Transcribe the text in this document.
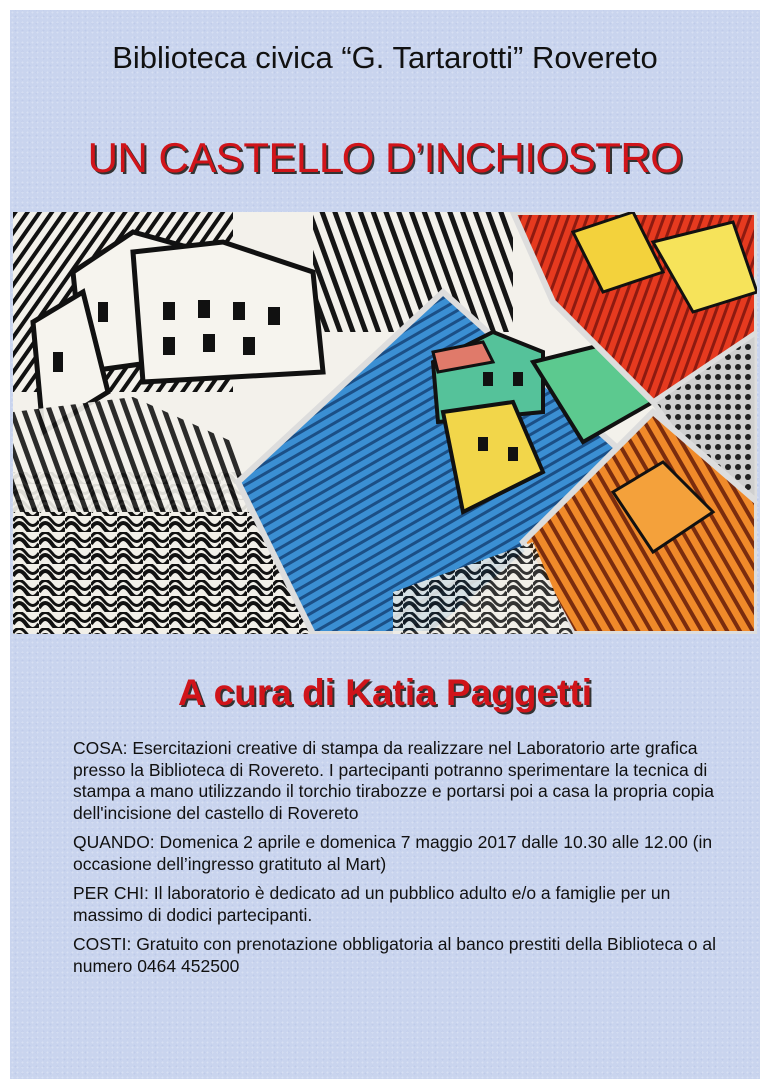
Biblioteca civica “G. Tartarotti” Rovereto
UN CASTELLO D’INCHIOSTRO
A cura di Katia Paggetti

COSA: Esercitazioni creative di stampa da realizzare nel Laboratorio arte grafica presso la Biblioteca di Rovereto. I partecipanti potranno sperimentare la tecnica di stampa a mano utilizzando il torchio tirabozze e portarsi poi a casa la propria copia dell'incisione del castello di Rovereto

QUANDO: Domenica 2 aprile e domenica 7 maggio 2017 dalle 10.30 alle 12.00 (in occasione dell’ingresso gratituto al Mart)

PER CHI: Il laboratorio è dedicato ad un pubblico adulto e/o a famiglie per un massimo di dodici partecipanti.

COSTI: Gratuito con prenotazione obbligatoria al banco prestiti della Biblioteca o al numero 0464 452500
